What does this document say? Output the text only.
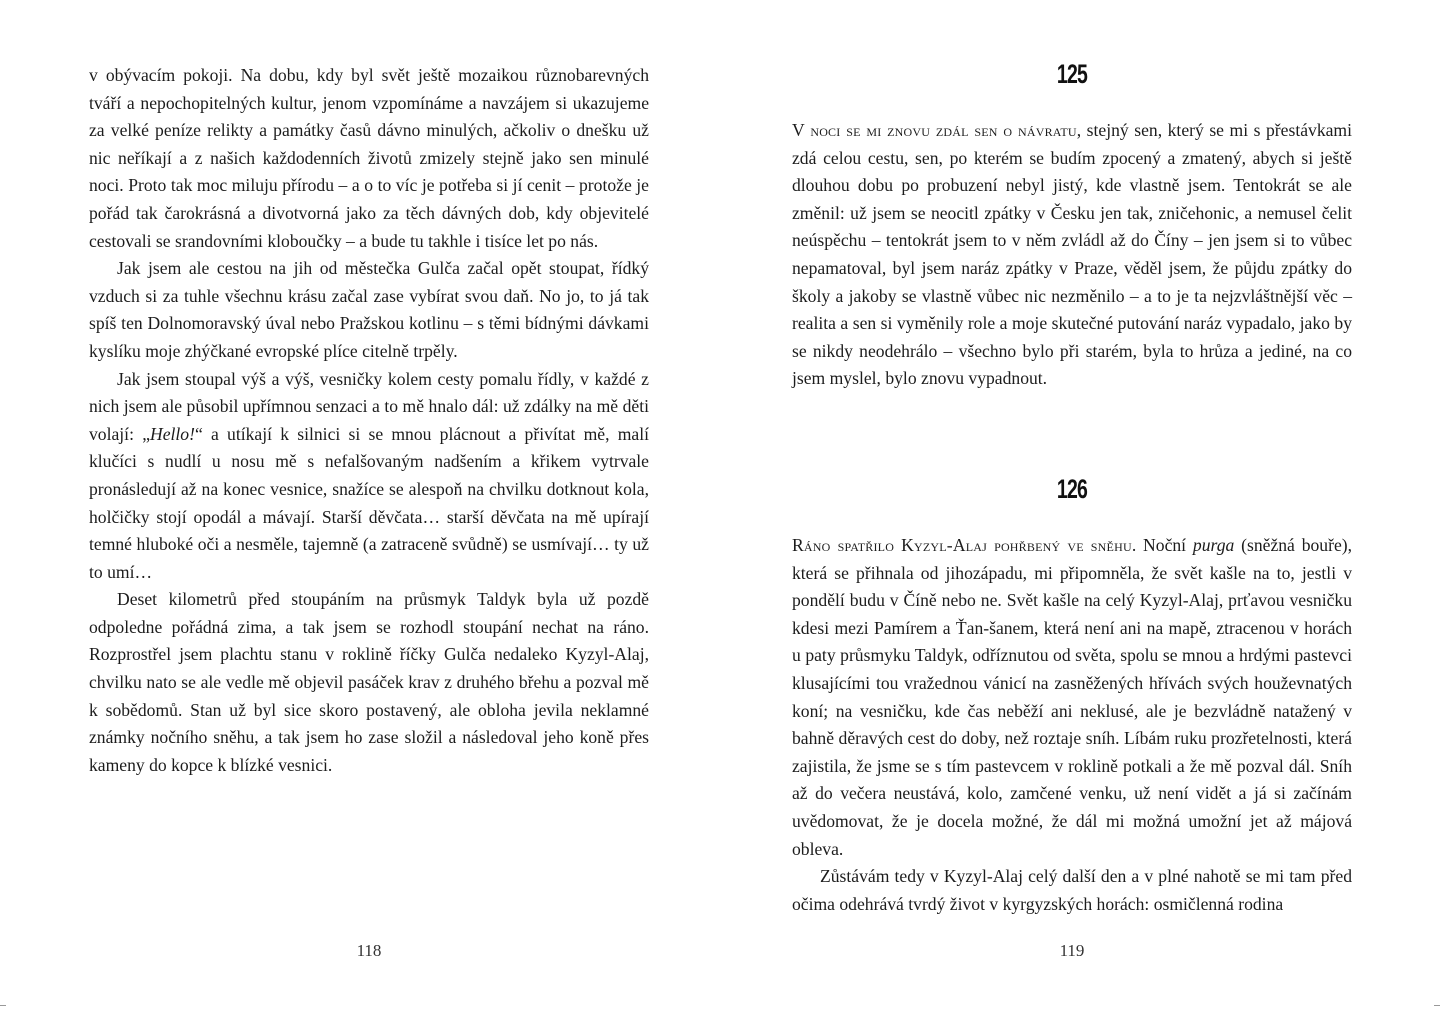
v obývacím pokoji. Na dobu, kdy byl svět ještě mozaikou různobarevných tváří a nepochopitelných kultur, jenom vzpomínáme a navzájem si ukazujeme za velké peníze relikty a památky časů dávno minulých, ačkoliv o dnešku už nic neříkají a z našich každodenních životů zmizely stejně jako sen minulé noci. Proto tak moc miluju přírodu – a o to víc je potřeba si jí cenit – protože je pořád tak čarokrásná a divotvorná jako za těch dávných dob, kdy objevitelé cestovali se srandovními kloboučky – a bude tu takhle i tisíce let po nás.

Jak jsem ale cestou na jih od městečka Gulča začal opět stoupat, řídký vzduch si za tuhle všechnu krásu začal zase vybírat svou daň. No jo, to já tak spíš ten Dolnomoravský úval nebo Pražskou kotlinu – s těmi bídnými dávkami kyslíku moje zhýčkané evropské plíce citelně trpěly.

Jak jsem stoupal výš a výš, vesničky kolem cesty pomalu řídly, v každé z nich jsem ale působil upřímnou senzaci a to mě hnalo dál: už zdálky na mě děti volají: „Hello!“ a utíkají k silnici si se mnou plácnout a přivítat mě, malí klučíci s nudlí u nosu mě s nefalšovaným nadšením a křikem vytrvale pronásledují až na konec vesnice, snažíce se alespoň na chvilku dotknout kola, holčičky stojí opodál a mávají. Starší děvčata… starší děvčata na mě upírají temné hluboké oči a nesměle, tajemně (a zatraceně svůdně) se usmívají… ty už to umí…

Deset kilometrů před stoupáním na průsmyk Taldyk byla už pozdě odpoledne pořádná zima, a tak jsem se rozhodl stoupání nechat na ráno. Rozprostřel jsem plachtu stanu v roklině říčky Gulča nedaleko Kyzyl-Alaj, chvilku nato se ale vedle mě objevil pasáček krav z druhého břehu a pozval mě k sobědomů. Stan už byl sice skoro postavený, ale obloha jevila neklamné známky nočního sněhu, a tak jsem ho zase složil a následoval jeho koně přes kameny do kopce k blízké vesnici.

118
125

V noci se mi znovu zdál sen o návratu, stejný sen, který se mi s přestávkami zdá celou cestu, sen, po kterém se budím zpocený a zmatený, abych si ještě dlouhou dobu po probuzení nebyl jistý, kde vlastně jsem. Tentokrát se ale změnil: už jsem se neocitl zpátky v Česku jen tak, zničehonic, a nemusel čelit neúspěchu – tentokrát jsem to v něm zvládl až do Číny – jen jsem si to vůbec nepamatoval, byl jsem naráz zpátky v Praze, věděl jsem, že půjdu zpátky do školy a jakoby se vlastně vůbec nic nezměnilo – a to je ta nejzvláštnější věc – realita a sen si vyměnily role a moje skutečné putování naráz vypadalo, jako by se nikdy neodehrálo – všechno bylo při starém, byla to hrůza a jediné, na co jsem myslel, bylo znovu vypadnout.

126

Ráno spatřilo Kyzyl-Alaj pohřbený ve sněhu. Noční purga (sněžná bouře), která se přihnala od jihozápadu, mi připomněla, že svět kašle na to, jestli v pondělí budu v Číně nebo ne. Svět kašle na celý Kyzyl-Alaj, prťavou vesničku kdesi mezi Pamírem a Ťan-šanem, která není ani na mapě, ztracenou v horách u paty průsmyku Taldyk, odříznutou od světa, spolu se mnou a hrdými pastevci klusajícími tou vražednou vánicí na zasněžených hřívách svých houževnatých koní; na vesničku, kde čas neběží ani neklusé, ale je bezvládně natažený v bahně děravých cest do doby, než roztaje sníh. Líbám ruku prozřetelnosti, která zajistila, že jsme se s tím pastevcem v roklině potkali a že mě pozval dál. Sníh až do večera neustává, kolo, zamčené venku, už není vidět a já si začínám uvědomovat, že je docela možné, že dál mi možná umožní jet až májová obleva.

Zůstávám tedy v Kyzyl-Alaj celý další den a v plné nahotě se mi tam před očima odehrává tvrdý život v kyrgyzských horách: osmičlenná rodina

119
